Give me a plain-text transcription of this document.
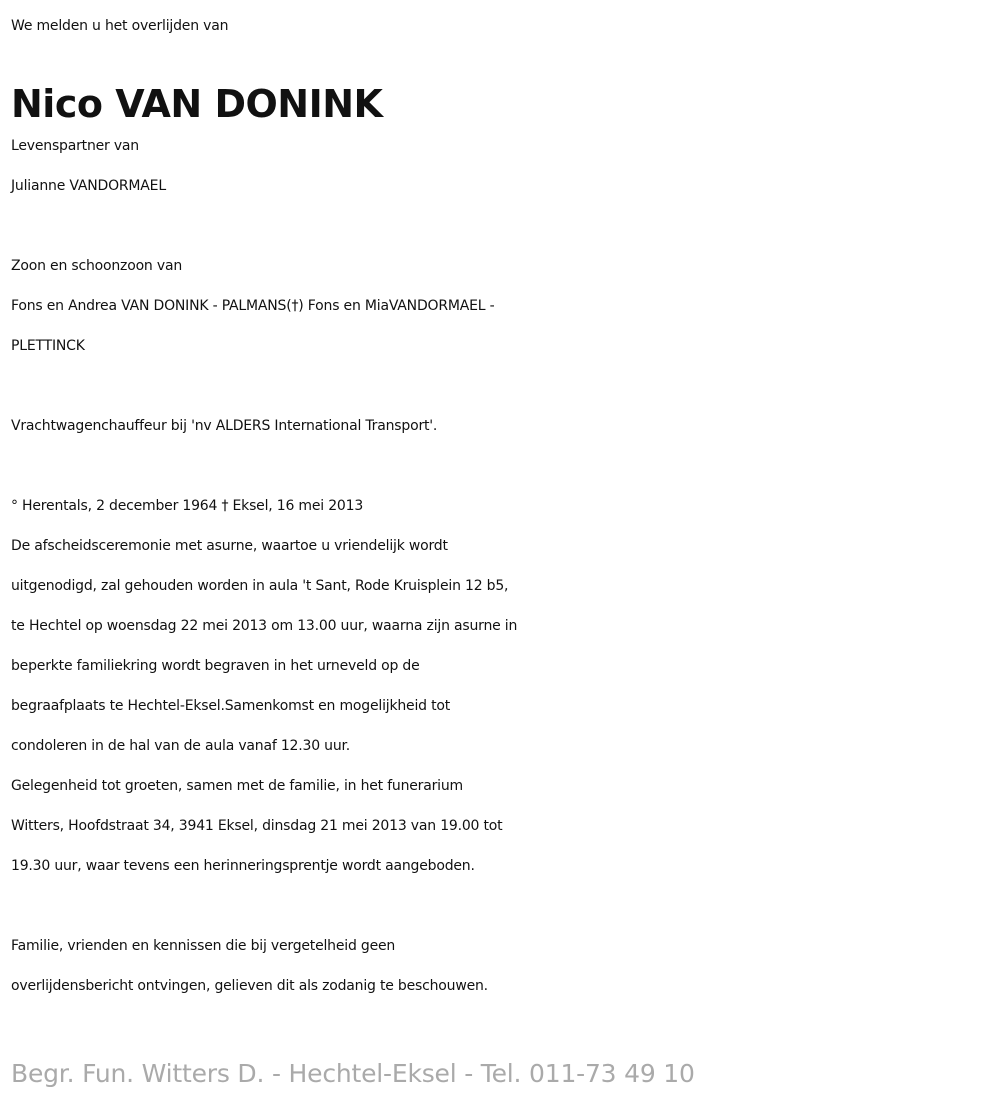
We melden u het overlijden van
Nico VAN DONINK
Levenspartner van
Julianne VANDORMAEL
Zoon en schoonzoon van
Fons en Andrea VAN DONINK - PALMANS(†) Fons en MiaVANDORMAEL -
PLETTINCK
Vrachtwagenchauffeur bij 'nv ALDERS International Transport'.
° Herentals, 2 december 1964 † Eksel, 16 mei 2013
De afscheidsceremonie met asurne, waartoe u vriendelijk wordt
uitgenodigd, zal gehouden worden in aula 't Sant, Rode Kruisplein 12 b5,
te Hechtel op woensdag 22 mei 2013 om 13.00 uur, waarna zijn asurne in
beperkte familiekring wordt begraven in het urneveld op de
begraafplaats te Hechtel-Eksel.Samenkomst en mogelijkheid tot
condoleren in de hal van de aula vanaf 12.30 uur.
Gelegenheid tot groeten, samen met de familie, in het funerarium
Witters, Hoofdstraat 34, 3941 Eksel, dinsdag 21 mei 2013 van 19.00 tot
19.30 uur, waar tevens een herinneringsprentje wordt aangeboden.
Familie, vrienden en kennissen die bij vergetelheid geen
overlijdensbericht ontvingen, gelieven dit als zodanig te beschouwen.
Begr. Fun. Witters D. - Hechtel-Eksel - Tel. 011-73 49 10
